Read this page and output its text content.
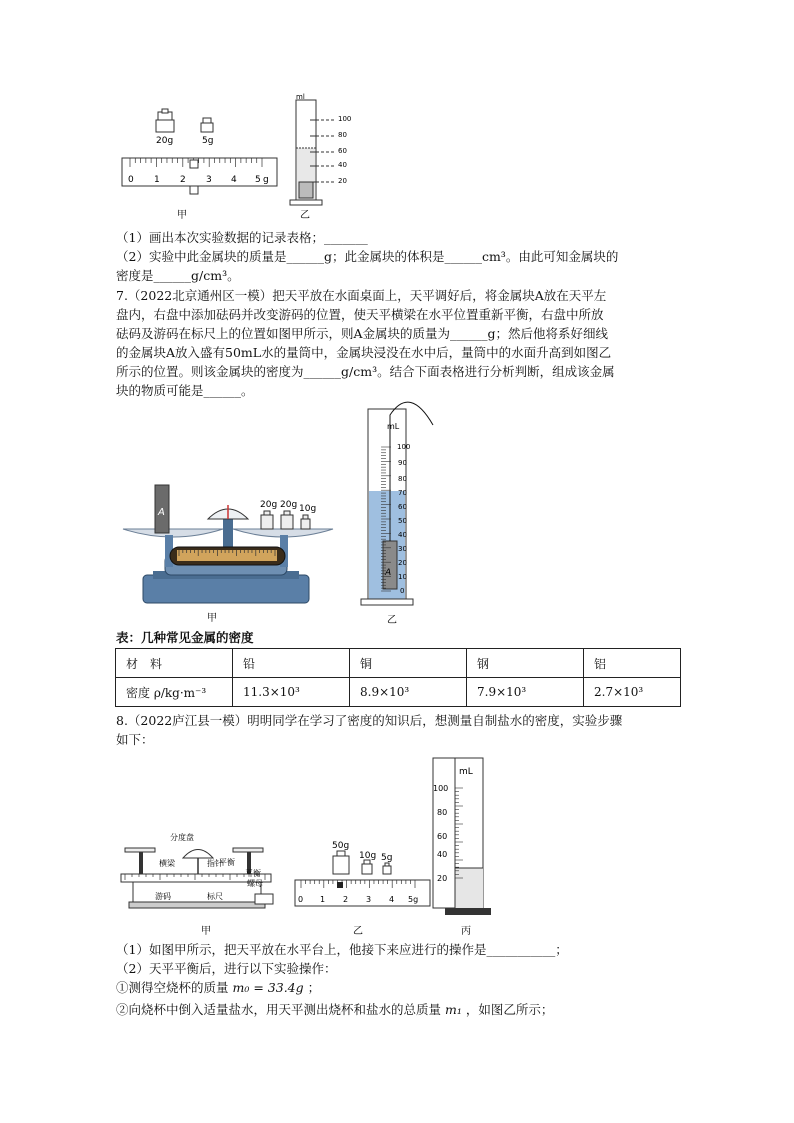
20g	5g
0 1 2 3 4 5 g
ml
100
80
60
40
20
甲	乙
（1）画出本次实验数据的记录表格；_______
（2）实验中此金属块的质量是______g；此金属块的体积是______cm³。由此可知金属块的
密度是______g/cm³。
7.（2022北京通州区一模）把天平放在水面桌面上，天平调好后，将金属块A放在天平左
盘内，右盘中添加砝码并改变游码的位置，使天平横梁在水平位置重新平衡，右盘中所放
砝码及游码在标尺上的位置如图甲所示，则A金属块的质量为______g；然后他将系好细线
的金属块A放入盛有50mL水的量筒中，金属块浸没在水中后，量筒中的水面升高到如图乙
所示的位置。则该金属块的密度为______g/cm³。结合下面表格进行分析判断，组成该金属
块的物质可能是______。
A
20g 20g 10g
A
mL
100
90
80
70
60
50
40
30
20
10
0
甲	乙
表：几种常见金属的密度
材　料	铅	铜	钢	铝
密度 ρ/kg·m⁻³	11.3×10³	8.9×10³	7.9×10³	2.7×10³
8.（2022庐江县一模）明明同学在学习了密度的知识后，想测量自制盐水的密度，实验步骤
如下：
分度盘
横梁	指针
平衡
平衡
螺母
游码	标尺
50g
10g 5g
0 1 2 3 4 5g
mL
100
80
60
40
20
甲	乙	丙
（1）如图甲所示，把天平放在水平台上，他接下来应进行的操作是___________；
（2）天平平衡后，进行以下实验操作：
①测得空烧杯的质量 m₀ = 33.4g ；
②向烧杯中倒入适量盐水，用天平测出烧杯和盐水的总质量 m₁ ，如图乙所示；
